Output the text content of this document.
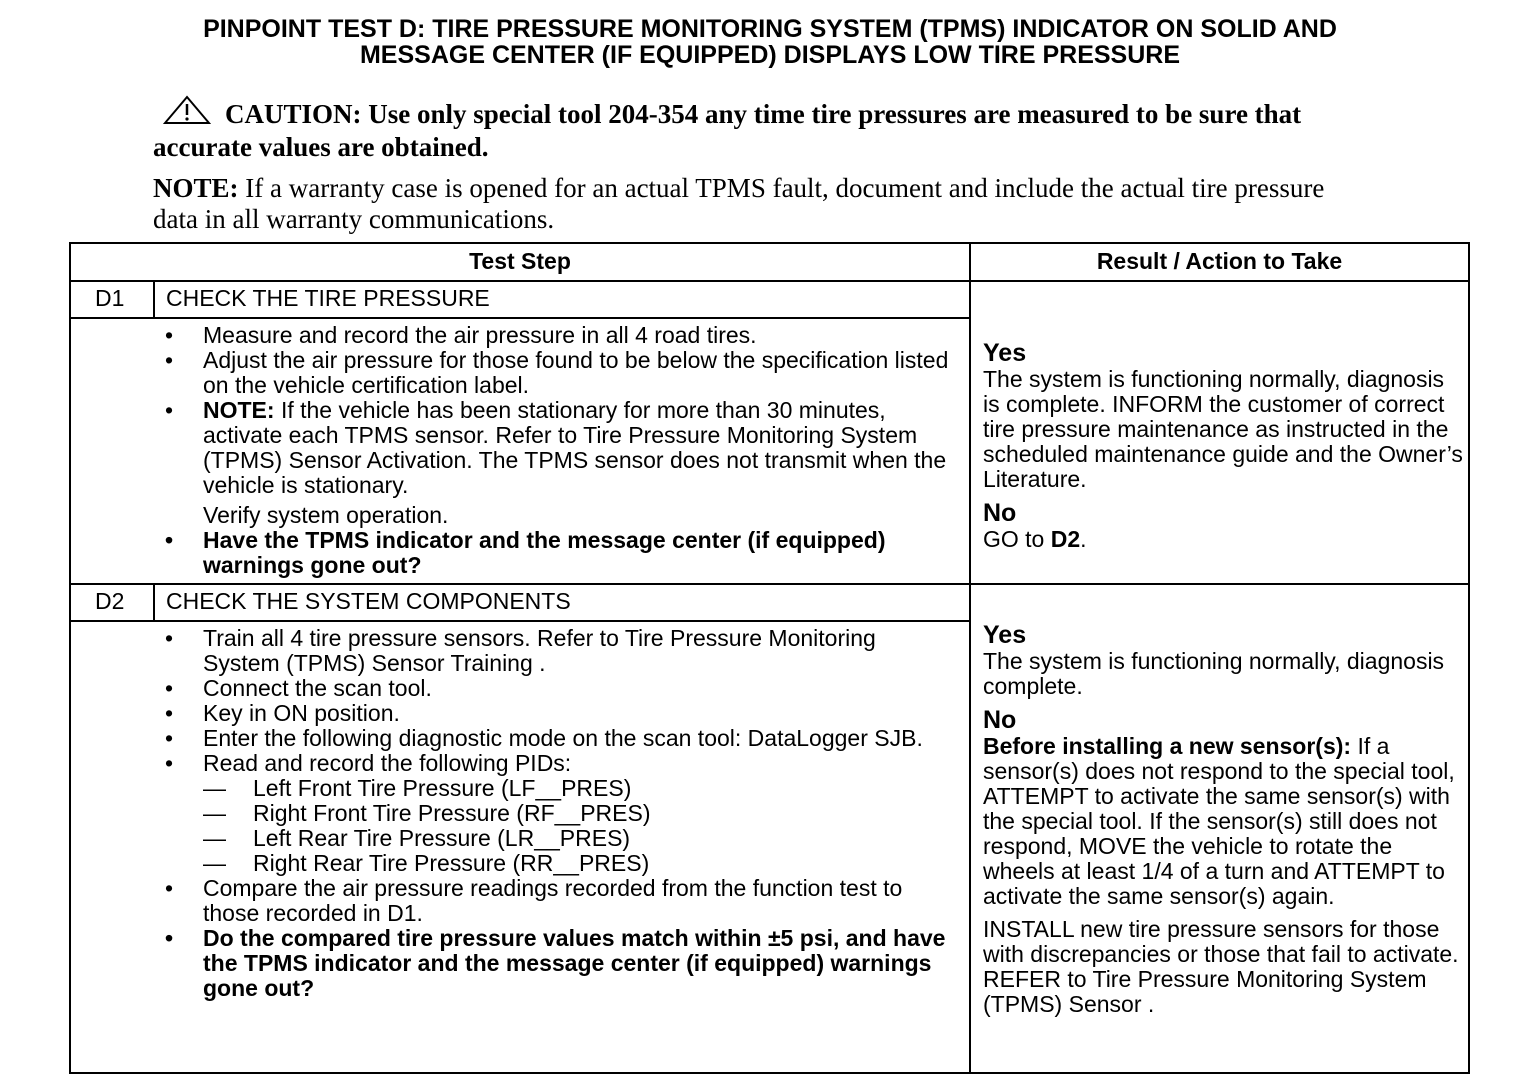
PINPOINT TEST D: TIRE PRESSURE MONITORING SYSTEM (TPMS) INDICATOR ON SOLID AND
MESSAGE CENTER (IF EQUIPPED) DISPLAYS LOW TIRE PRESSURE
CAUTION: Use only special tool 204-354 any time tire pressures are measured to be sure that accurate values are obtained.
NOTE: If a warranty case is opened for an actual TPMS fault, document and include the actual tire pressure data in all warranty communications.
Test Step	Result / Action to Take
D1 CHECK THE TIRE PRESSURE
• Measure and record the air pressure in all 4 road tires.
• Adjust the air pressure for those found to be below the specification listed on the vehicle certification label.
• NOTE: If the vehicle has been stationary for more than 30 minutes, activate each TPMS sensor. Refer to Tire Pressure Monitoring System (TPMS) Sensor Activation. The TPMS sensor does not transmit when the vehicle is stationary.
Verify system operation.
• Have the TPMS indicator and the message center (if equipped) warnings gone out?
Yes

The system is functioning normally, diagnosis is complete. INFORM the customer of correct tire pressure maintenance as instructed in the scheduled maintenance guide and the Owner’s Literature.

No

GO to D2.

D2 CHECK THE SYSTEM COMPONENTS
• Train all 4 tire pressure sensors. Refer to Tire Pressure Monitoring System (TPMS) Sensor Training .
• Connect the scan tool.
• Key in ON position.
• Enter the following diagnostic mode on the scan tool: DataLogger SJB.
• Read and record the following PIDs:
— Left Front Tire Pressure (LF__PRES)
— Right Front Tire Pressure (RF__PRES)
— Left Rear Tire Pressure (LR__PRES)
— Right Rear Tire Pressure (RR__PRES)
• Compare the air pressure readings recorded from the function test to those recorded in D1.
• Do the compared tire pressure values match within ±5 psi, and have the TPMS indicator and the message center (if equipped) warnings gone out?
Yes

The system is functioning normally, diagnosis complete.

No

Before installing a new sensor(s): If a sensor(s) does not respond to the special tool, ATTEMPT to activate the same sensor(s) with the special tool. If the sensor(s) still does not respond, MOVE the vehicle to rotate the wheels at least 1/4 of a turn and ATTEMPT to activate the same sensor(s) again.

INSTALL new tire pressure sensors for those with discrepancies or those that fail to activate. REFER to Tire Pressure Monitoring System (TPMS) Sensor .
